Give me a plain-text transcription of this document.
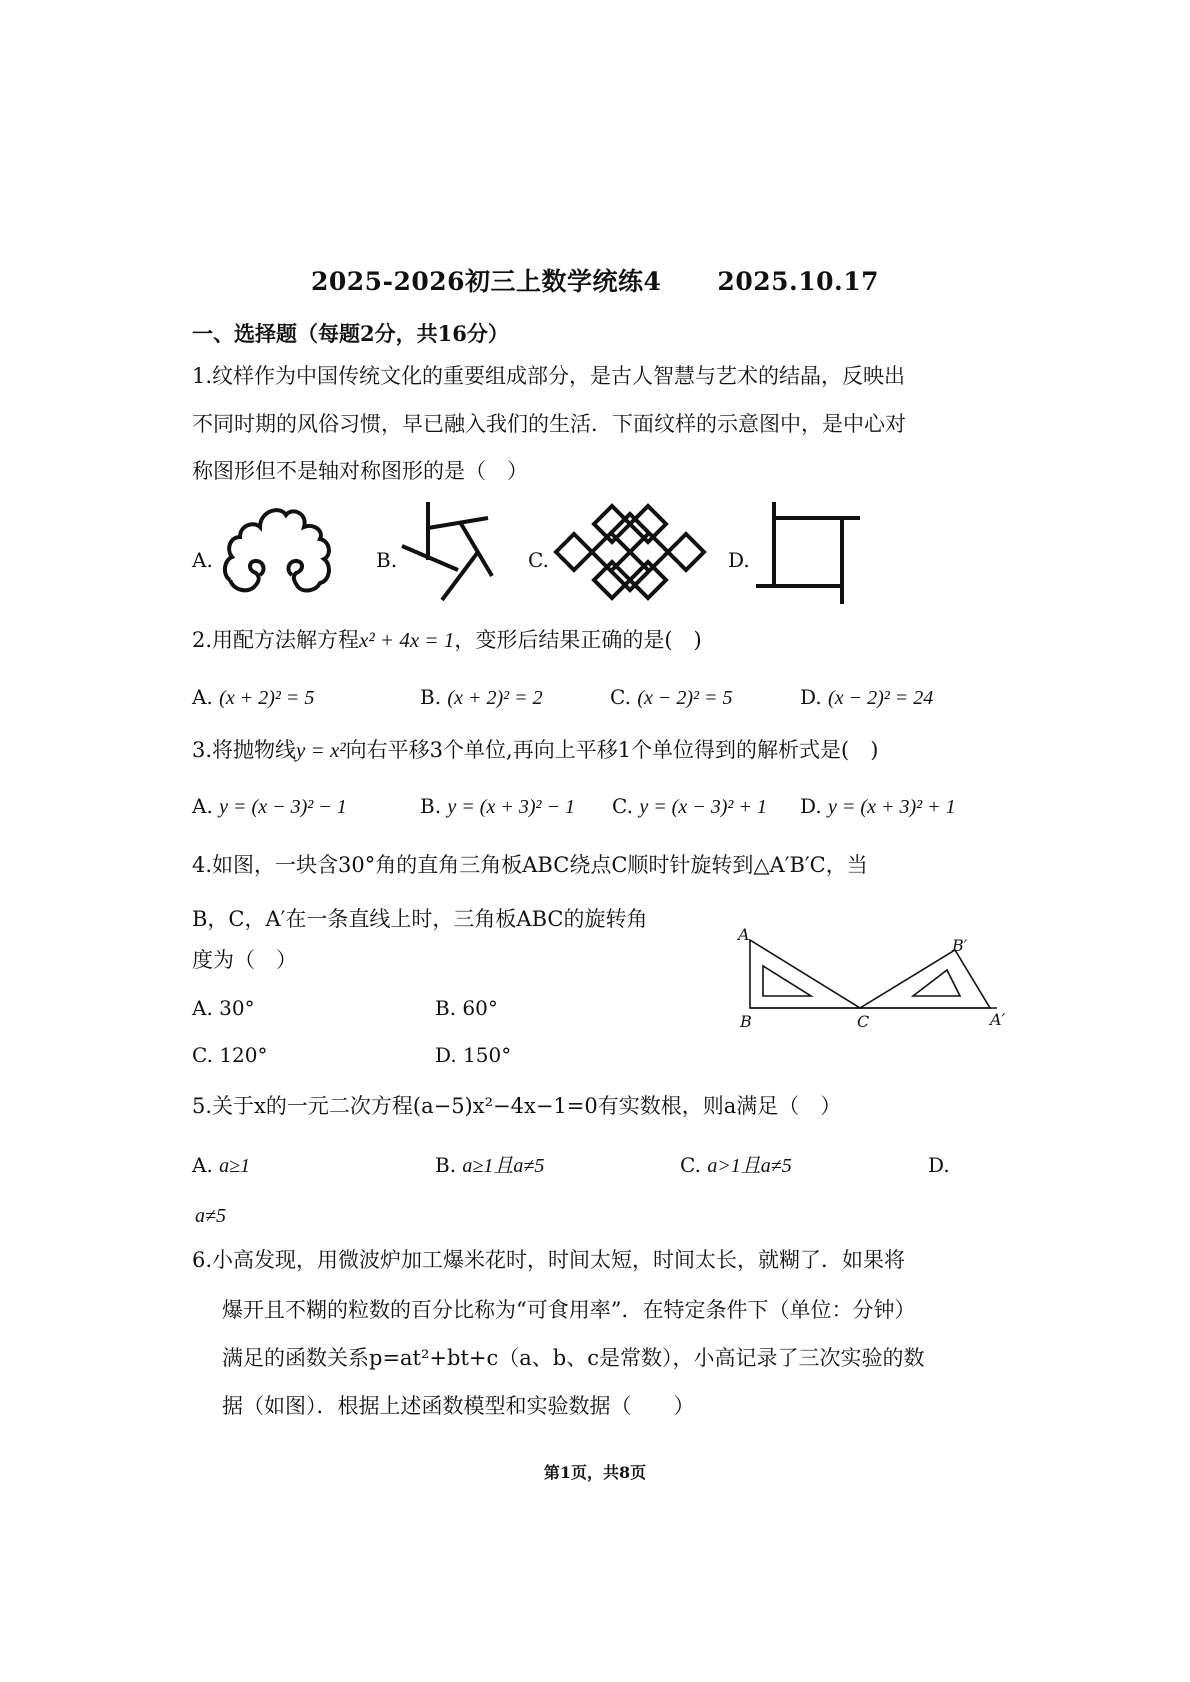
2025-2026初三上数学统练4 2025.10.17
一、选择题（每题2分，共16分）
1.纹样作为中国传统文化的重要组成部分，是古人智慧与艺术的结晶，反映出
不同时期的风俗习惯，早已融入我们的生活．下面纹样的示意图中，是中心对
称图形但不是轴对称图形的是（　）
A.	B.	C.	D.
2.用配方法解方程x² + 4x = 1，变形后结果正确的是(　)
A. (x + 2)² = 5	B. (x + 2)² = 2	C. (x − 2)² = 5	D. (x − 2)² = 24
3.将抛物线y = x²向右平移3个单位,再向上平移1个单位得到的解析式是(　)
A. y = (x − 3)² − 1	B. y = (x + 3)² − 1 C. y = (x − 3)² + 1 D. y = (x + 3)² + 1
4.如图，一块含30°角的直角三角板ABC绕点C顺时针旋转到△A′B′C，当
B，C，A′在一条直线上时，三角板ABC的旋转角
度为（　）
A. 30°	B. 60°
C. 120°	D. 150°
A
B	C
B′
A′
5.关于x的一元二次方程(a−5)x²−4x−1=0有实数根，则a满足（　）
A. a≥1	B. a≥1且a≠5	C. a>1且a≠5	D.
a≠5
6.小高发现，用微波炉加工爆米花时，时间太短，时间太长，就糊了．如果将
爆开且不糊的粒数的百分比称为“可食用率”．在特定条件下（单位：分钟）
满足的函数关系p=at²+bt+c（a、b、c是常数），小高记录了三次实验的数
据（如图）．根据上述函数模型和实验数据（　　）
第1页，共8页
